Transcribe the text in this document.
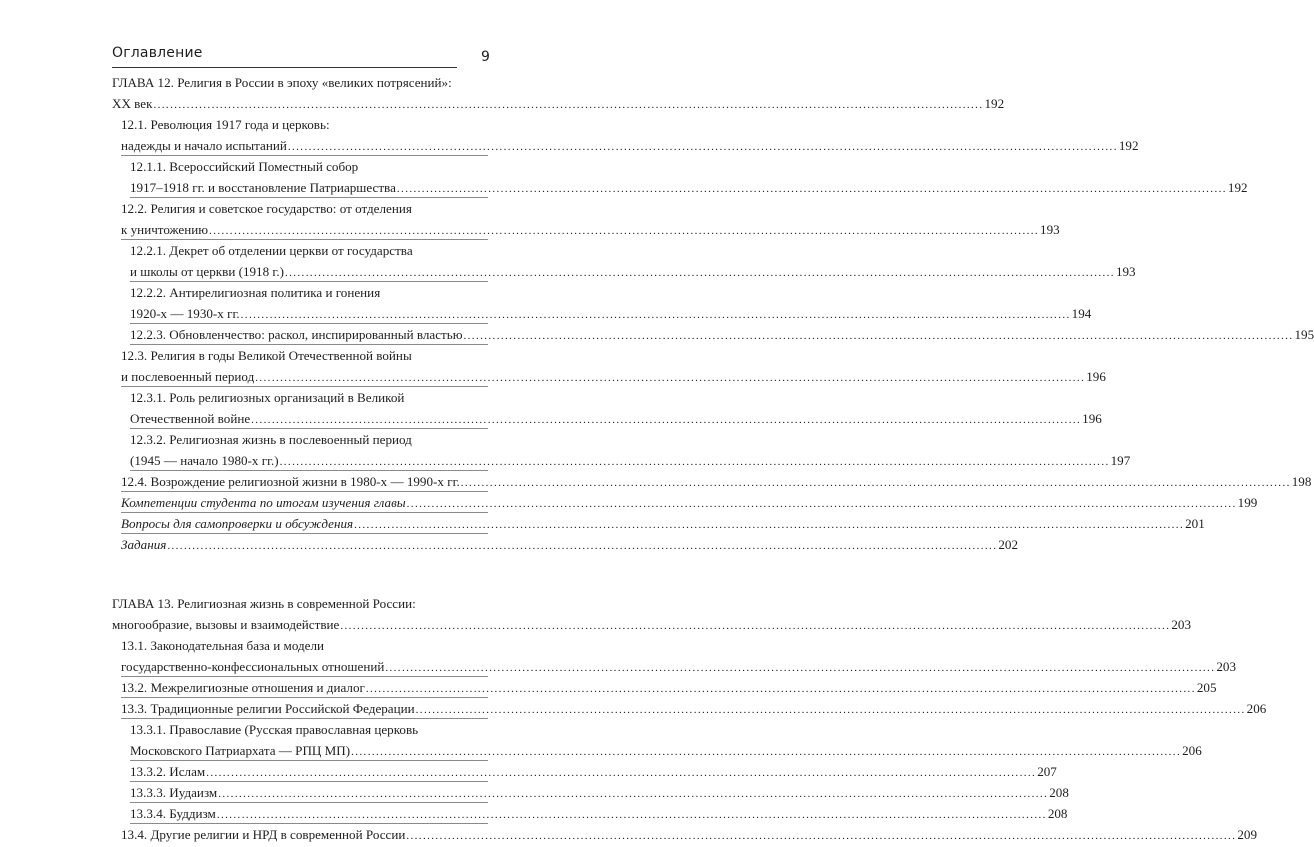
Оглавление	9
ГЛАВА 12. Религия в России в эпоху «великих потрясений»:
XX век ........................................................................................................................................................................................................ 192
12.1. Революция 1917 года и церковь:
надежды и начало испытаний ........................................................................................................................................................................................................ 192
12.1.1. Всероссийский Поместный собор
1917–1918 гг. и восстановление Патриаршества ........................................................................................................................................................................................................ 192
12.2. Религия и советское государство: от отделения
к уничтожению ........................................................................................................................................................................................................ 193
12.2.1. Декрет об отделении церкви от государства
и школы от церкви (1918 г.) ........................................................................................................................................................................................................ 193
12.2.2. Антирелигиозная политика и гонения
1920-х — 1930-х гг. ........................................................................................................................................................................................................ 194
12.2.3. Обновленчество: раскол, инспирированный властью ........................................................................................................................................................................................................ 195
12.3. Религия в годы Великой Отечественной войны
и послевоенный период ........................................................................................................................................................................................................ 196
12.3.1. Роль религиозных организаций в Великой
Отечественной войне ........................................................................................................................................................................................................ 196
12.3.2. Религиозная жизнь в послевоенный период
(1945 — начало 1980-х гг.) ........................................................................................................................................................................................................ 197
12.4. Возрождение религиозной жизни в 1980-х — 1990-х гг. ........................................................................................................................................................................................................ 198
Компетенции студента по итогам изучения главы ........................................................................................................................................................................................................ 199
Вопросы для самопроверки и обсуждения ........................................................................................................................................................................................................ 201
Задания ........................................................................................................................................................................................................ 202
ГЛАВА 13. Религиозная жизнь в современной России:
многообразие, вызовы и взаимодействие ........................................................................................................................................................................................................ 203
13.1. Законодательная база и модели
государственно-конфессиональных отношений ........................................................................................................................................................................................................ 203
13.2. Межрелигиозные отношения и диалог ........................................................................................................................................................................................................ 205
13.3. Традиционные религии Российской Федерации ........................................................................................................................................................................................................ 206
13.3.1. Православие (Русская православная церковь
Московского Патриархата — РПЦ МП) ........................................................................................................................................................................................................ 206
13.3.2. Ислам ........................................................................................................................................................................................................ 207
13.3.3. Иудаизм ........................................................................................................................................................................................................ 208
13.3.4. Буддизм ........................................................................................................................................................................................................ 208
13.4. Другие религии и НРД в современной России ........................................................................................................................................................................................................ 209
